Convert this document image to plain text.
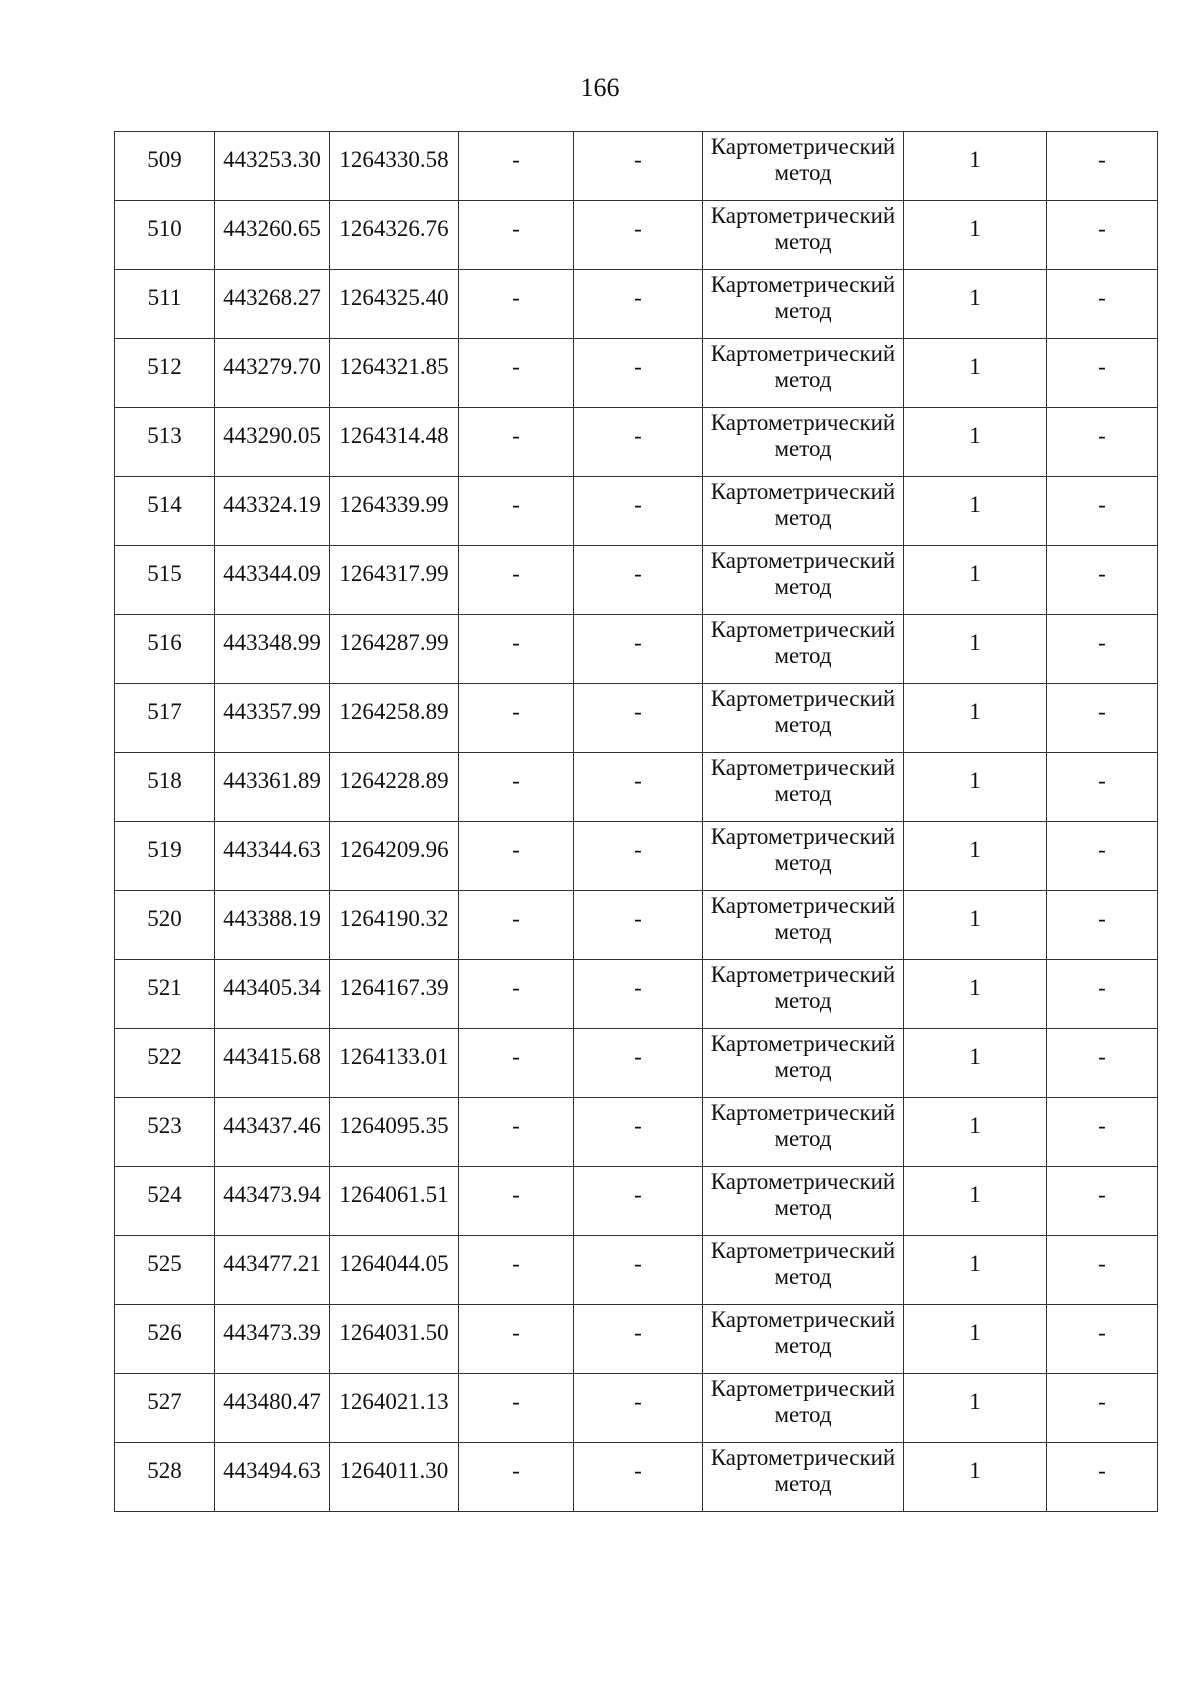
166
509	443253.30	1264330.58	-	-	Картометрический метод	1	-

510	443260.65	1264326.76	-	-	Картометрический метод	1	-

511	443268.27	1264325.40	-	-	Картометрический метод	1	-

512	443279.70	1264321.85	-	-	Картометрический метод	1	-

513	443290.05	1264314.48	-	-	Картометрический метод	1	-

514	443324.19	1264339.99	-	-	Картометрический метод	1	-

515	443344.09	1264317.99	-	-	Картометрический метод	1	-

516	443348.99	1264287.99	-	-	Картометрический метод	1	-

517	443357.99	1264258.89	-	-	Картометрический метод	1	-

518	443361.89	1264228.89	-	-	Картометрический метод	1	-

519	443344.63	1264209.96	-	-	Картометрический метод	1	-

520	443388.19	1264190.32	-	-	Картометрический метод	1	-

521	443405.34	1264167.39	-	-	Картометрический метод	1	-

522	443415.68	1264133.01	-	-	Картометрический метод	1	-

523	443437.46	1264095.35	-	-	Картометрический метод	1	-

524	443473.94	1264061.51	-	-	Картометрический метод	1	-

525	443477.21	1264044.05	-	-	Картометрический метод	1	-

526	443473.39	1264031.50	-	-	Картометрический метод	1	-

527	443480.47	1264021.13	-	-	Картометрический метод	1	-

528	443494.63	1264011.30	-	-	Картометрический метод	1	-
